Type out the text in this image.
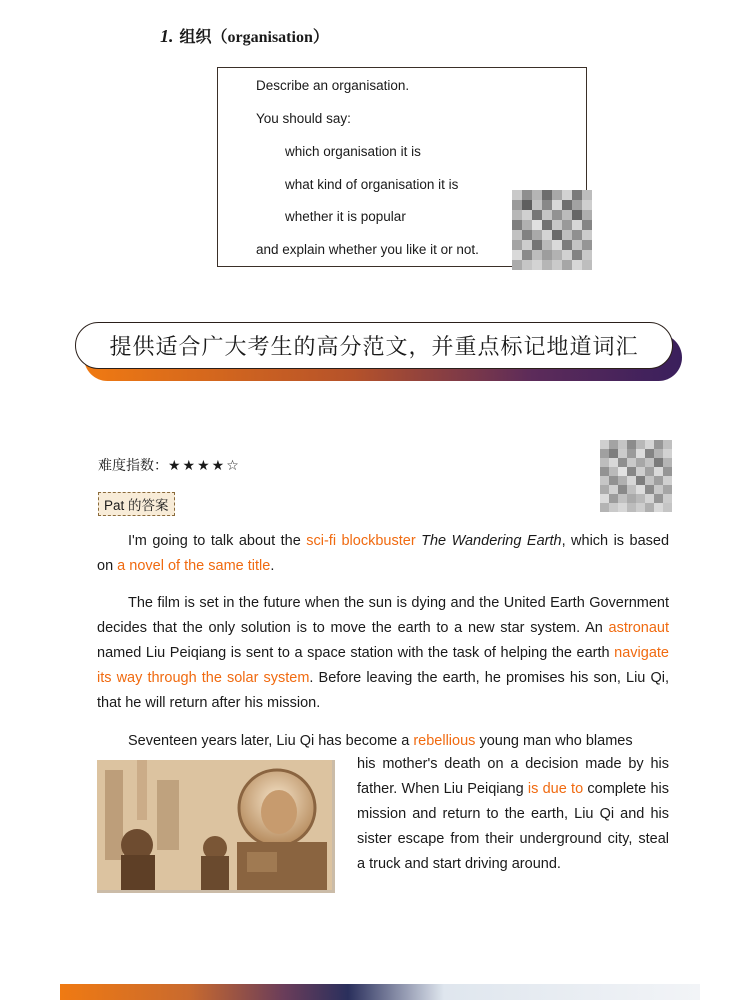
1. 组织（organisation）
Describe an organisation.
You should say:
which organisation it is
what kind of organisation it is
whether it is popular
and explain whether you like it or not.
提供适合广大考生的高分范文，并重点标记地道词汇
难度指数：★★★★☆
Pat 的答案

I'm going to talk about the sci-fi blockbuster The Wandering Earth, which is based on a novel of the same title.

The film is set in the future when the sun is dying and the United Earth Government decides that the only solution is to move the earth to a new star system. An astronaut named Liu Peiqiang is sent to a space station with the task of helping the earth navigate its way through the solar system. Before leaving the earth, he promises his son, Liu Qi, that he will return after his mission.

Seventeen years later, Liu Qi has become a rebellious young man who blames

his mother's death on a decision made by his father. When Liu Peiqiang is due to complete his mission and return to the earth, Liu Qi and his sister escape from their underground city, steal a truck and start driving around.
